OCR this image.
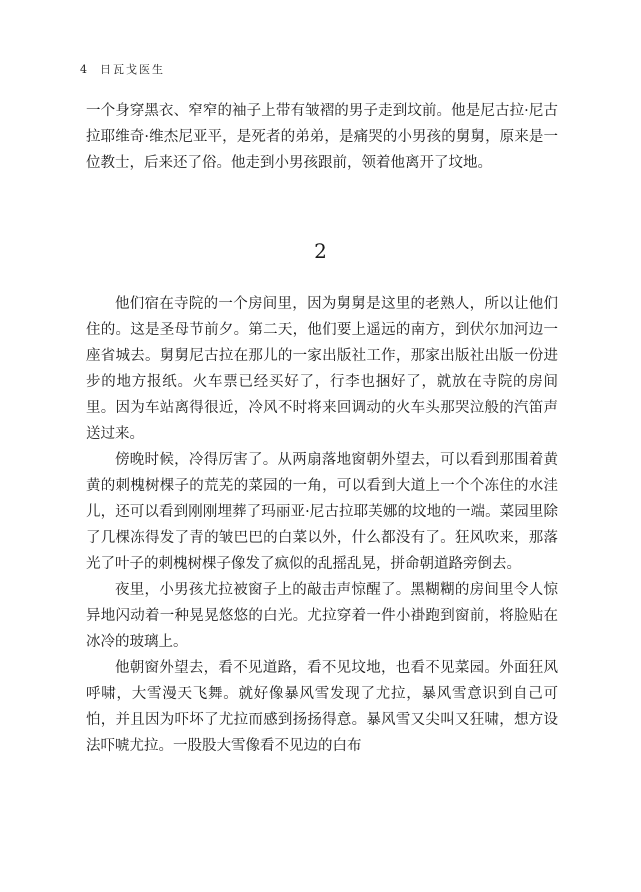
4 日瓦戈医生

一个身穿黑衣、窄窄的袖子上带有皱褶的男子走到坟前。他是尼古拉·尼古拉耶维奇·维杰尼亚平，是死者的弟弟，是痛哭的小男孩的舅舅，原来是一位教士，后来还了俗。他走到小男孩跟前，领着他离开了坟地。

2

他们宿在寺院的一个房间里，因为舅舅是这里的老熟人，所以让他们住的。这是圣母节前夕。第二天，他们要上遥远的南方，到伏尔加河边一座省城去。舅舅尼古拉在那儿的一家出版社工作，那家出版社出版一份进步的地方报纸。火车票已经买好了，行李也捆好了，就放在寺院的房间里。因为车站离得很近，冷风不时将来回调动的火车头那哭泣般的汽笛声送过来。

傍晚时候，冷得厉害了。从两扇落地窗朝外望去，可以看到那围着黄黄的刺槐树棵子的荒芜的菜园的一角，可以看到大道上一个个冻住的水洼儿，还可以看到刚刚埋葬了玛丽亚·尼古拉耶芙娜的坟地的一端。菜园里除了几棵冻得发了青的皱巴巴的白菜以外，什么都没有了。狂风吹来，那落光了叶子的刺槐树棵子像发了疯似的乱摇乱晃，拼命朝道路旁倒去。

夜里，小男孩尤拉被窗子上的敲击声惊醒了。黑糊糊的房间里令人惊异地闪动着一种晃晃悠悠的白光。尤拉穿着一件小褂跑到窗前，将脸贴在冰冷的玻璃上。

他朝窗外望去，看不见道路，看不见坟地，也看不见菜园。外面狂风呼啸，大雪漫天飞舞。就好像暴风雪发现了尤拉，暴风雪意识到自己可怕，并且因为吓坏了尤拉而感到扬扬得意。暴风雪又尖叫又狂啸，想方设法吓唬尤拉。一股股大雪像看不见边的白布
